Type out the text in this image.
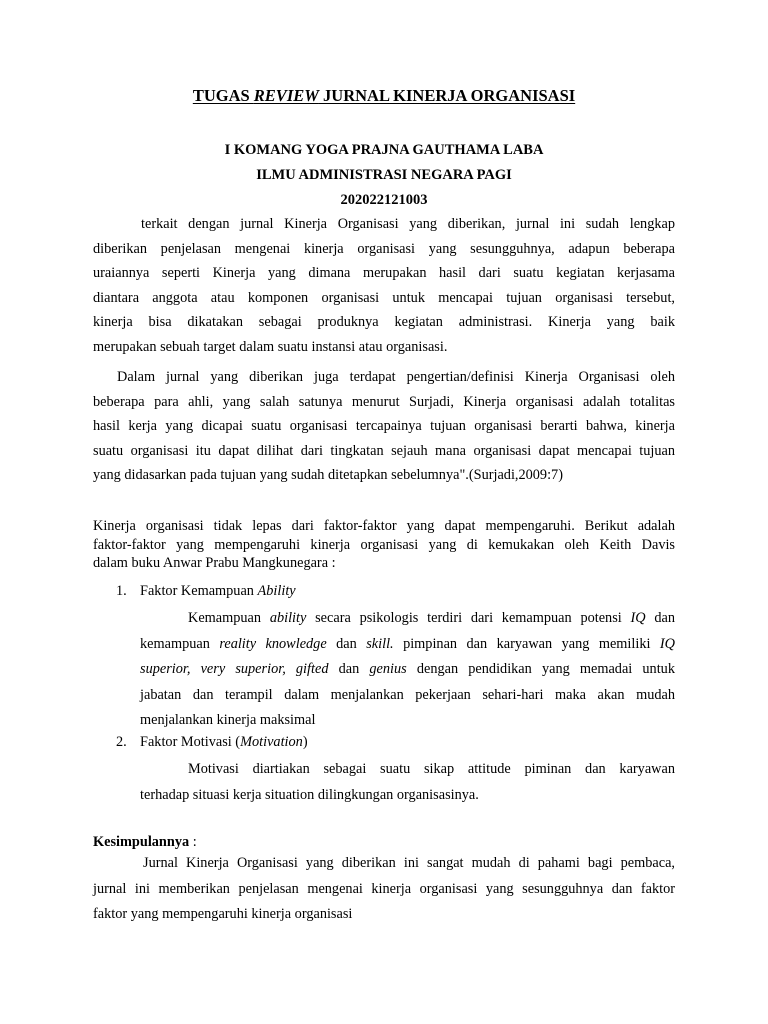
TUGAS REVIEW JURNAL KINERJA ORGANISASI
I KOMANG YOGA PRAJNA GAUTHAMA LABA
ILMU ADMINISTRASI NEGARA PAGI
202022121003
terkait dengan jurnal Kinerja Organisasi yang diberikan, jurnal ini sudah lengkap
diberikan penjelasan mengenai kinerja organisasi yang sesungguhnya, adapun beberapa
uraiannya seperti Kinerja yang dimana merupakan hasil dari suatu kegiatan kerjasama
diantara anggota atau komponen organisasi untuk mencapai tujuan organisasi tersebut,
kinerja bisa dikatakan sebagai produknya kegiatan administrasi. Kinerja yang baik
merupakan sebuah target dalam suatu instansi atau organisasi.
Dalam jurnal yang diberikan juga terdapat pengertian/definisi Kinerja Organisasi oleh
beberapa para ahli, yang salah satunya menurut Surjadi, Kinerja organisasi adalah totalitas
hasil kerja yang dicapai suatu organisasi tercapainya tujuan organisasi berarti bahwa, kinerja
suatu organisasi itu dapat dilihat dari tingkatan sejauh mana organisasi dapat mencapai tujuan
yang didasarkan pada tujuan yang sudah ditetapkan sebelumnya".(Surjadi,2009:7)
Kinerja organisasi tidak lepas dari faktor-faktor yang dapat mempengaruhi. Berikut adalah
faktor-faktor yang mempengaruhi kinerja organisasi yang di kemukakan oleh Keith Davis
dalam buku Anwar Prabu Mangkunegara :
1. Faktor Kemampuan Ability
Kemampuan ability secara psikologis terdiri dari kemampuan potensi IQ dan
kemampuan reality knowledge dan skill. pimpinan dan karyawan yang memiliki IQ
superior, very superior, gifted dan genius dengan pendidikan yang memadai untuk
jabatan dan terampil dalam menjalankan pekerjaan sehari-hari maka akan mudah
menjalankan kinerja maksimal
2. Faktor Motivasi (Motivation)
Motivasi diartiakan sebagai suatu sikap attitude piminan dan karyawan
terhadap situasi kerja situation dilingkungan organisasinya.
Kesimpulannya :
Jurnal Kinerja Organisasi yang diberikan ini sangat mudah di pahami bagi pembaca,
jurnal ini memberikan penjelasan mengenai kinerja organisasi yang sesungguhnya dan faktor
faktor yang mempengaruhi kinerja organisasi
